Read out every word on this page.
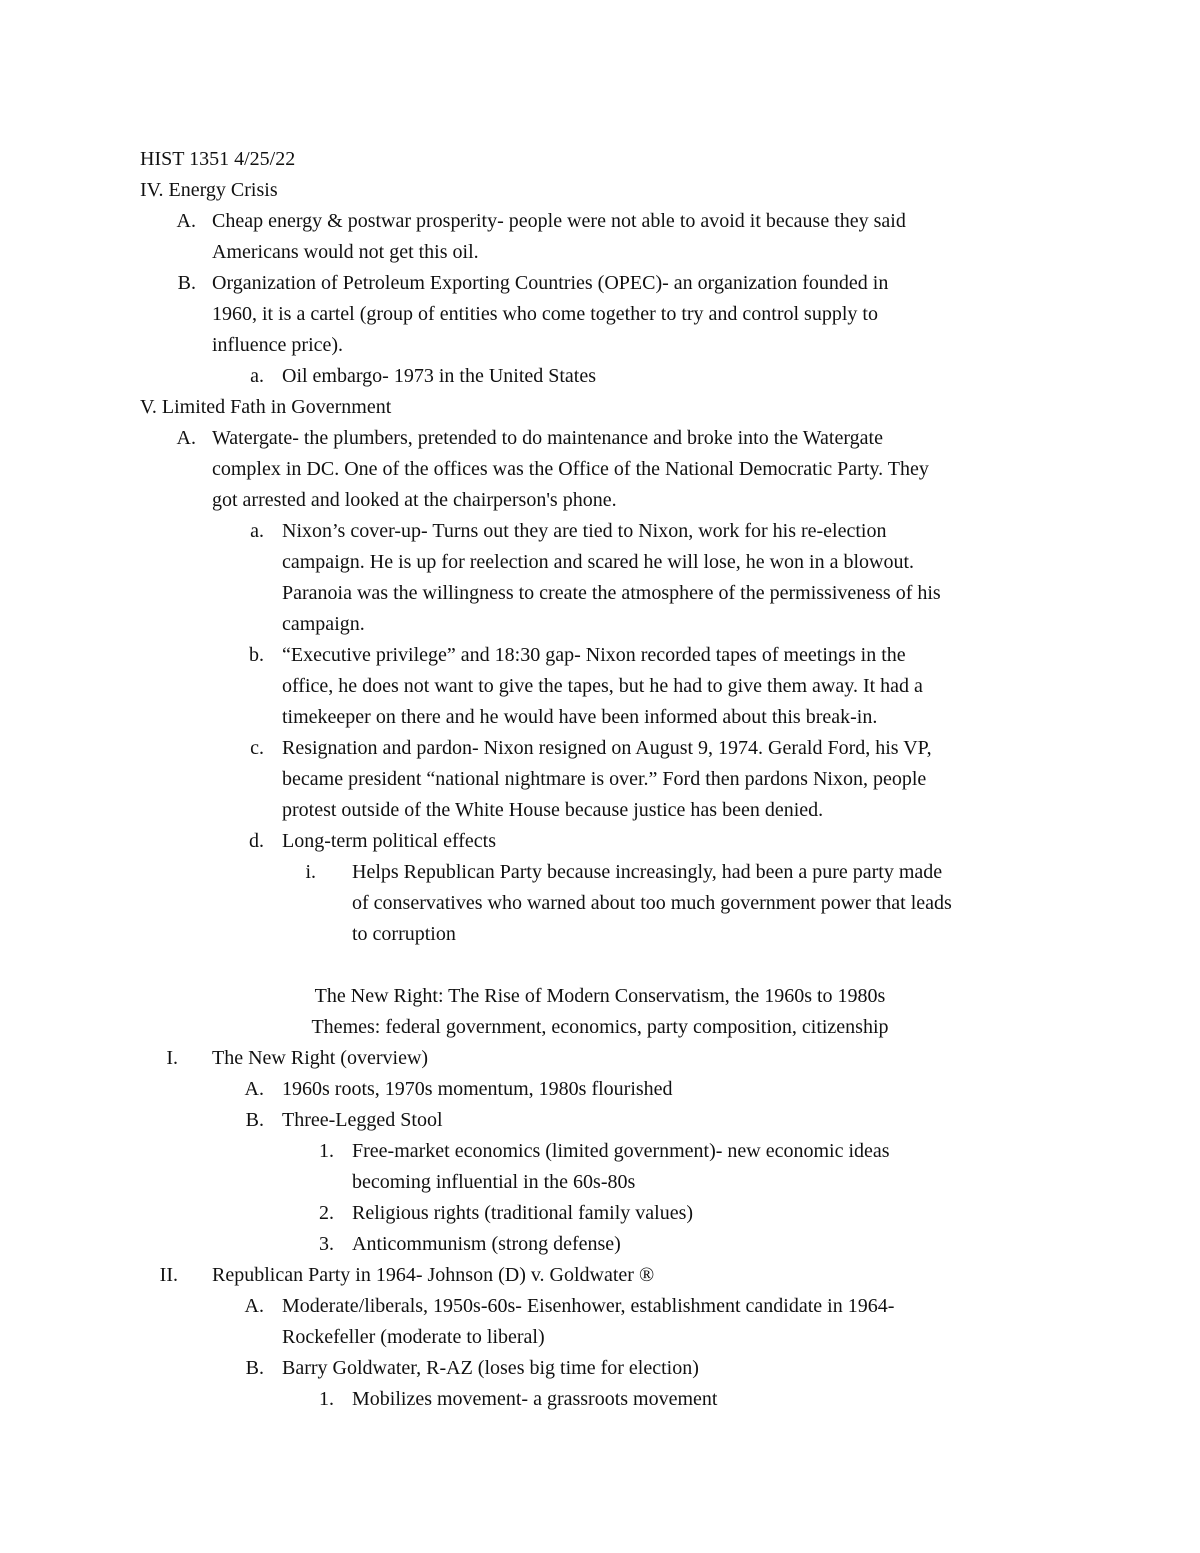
HIST 1351 4/25/22
IV. Energy Crisis
A. Cheap energy & postwar prosperity- people were not able to avoid it because they said
Americans would not get this oil.
B. Organization of Petroleum Exporting Countries (OPEC)- an organization founded in
1960, it is a cartel (group of entities who come together to try and control supply to
influence price).
a. Oil embargo- 1973 in the United States
V. Limited Fath in Government
A. Watergate- the plumbers, pretended to do maintenance and broke into the Watergate
complex in DC. One of the offices was the Office of the National Democratic Party. They
got arrested and looked at the chairperson's phone.
a. Nixon’s cover-up- Turns out they are tied to Nixon, work for his re-election
campaign. He is up for reelection and scared he will lose, he won in a blowout.
Paranoia was the willingness to create the atmosphere of the permissiveness of his
campaign.
b. “Executive privilege” and 18:30 gap- Nixon recorded tapes of meetings in the
office, he does not want to give the tapes, but he had to give them away. It had a
timekeeper on there and he would have been informed about this break-in.
c. Resignation and pardon- Nixon resigned on August 9, 1974. Gerald Ford, his VP,
became president “national nightmare is over.” Ford then pardons Nixon, people
protest outside of the White House because justice has been denied.
d. Long-term political effects
i. Helps Republican Party because increasingly, had been a pure party made
of conservatives who warned about too much government power that leads
to corruption
The New Right: The Rise of Modern Conservatism, the 1960s to 1980s
Themes: federal government, economics, party composition, citizenship
I. The New Right (overview)
A. 1960s roots, 1970s momentum, 1980s flourished
B. Three-Legged Stool
1. Free-market economics (limited government)- new economic ideas
becoming influential in the 60s-80s
2. Religious rights (traditional family values)
3. Anticommunism (strong defense)
II. Republican Party in 1964- Johnson (D) v. Goldwater ®
A. Moderate/liberals, 1950s-60s- Eisenhower, establishment candidate in 1964-
Rockefeller (moderate to liberal)
B. Barry Goldwater, R-AZ (loses big time for election)
1. Mobilizes movement- a grassroots movement
